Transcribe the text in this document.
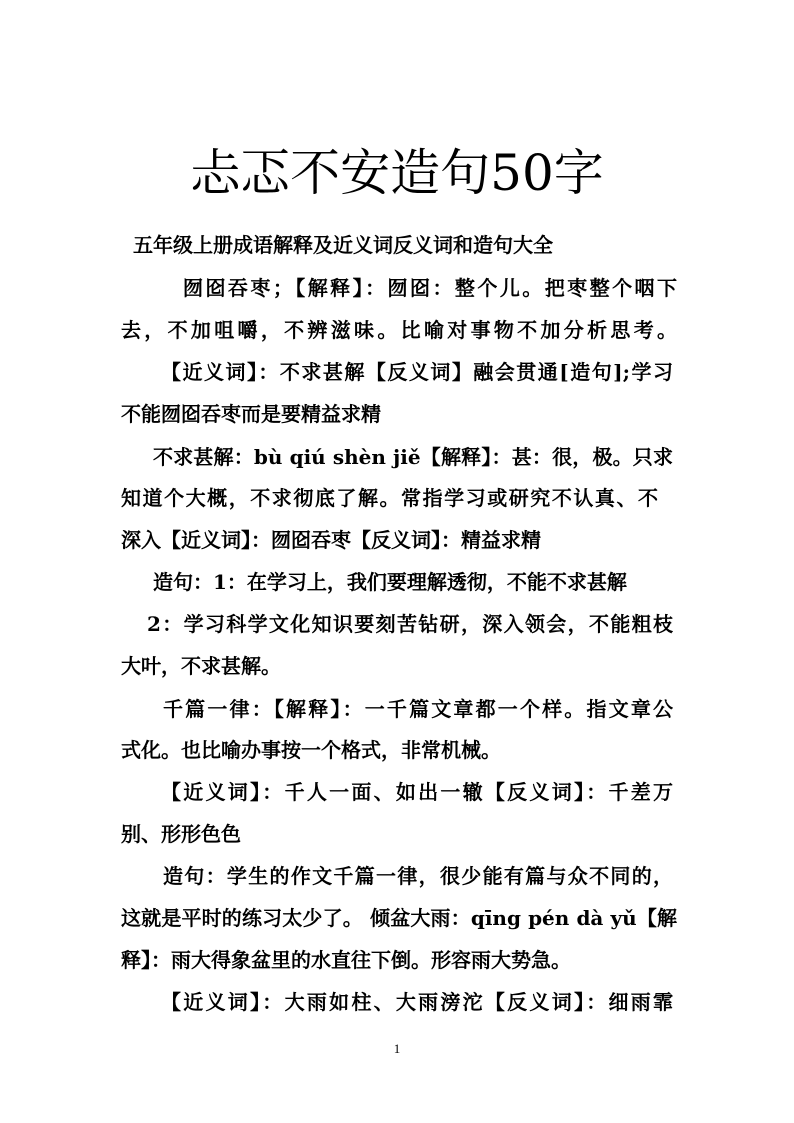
忐忑不安造句50字
五年级上册成语解释及近义词反义词和造句大全
囫囵吞枣；【解释】：囫囵：整个儿。把枣整个咽下
去，不加咀嚼，不辨滋味。比喻对事物不加分析思考。
【近义词】：不求甚解【反义词】融会贯通[造句];学习
不能囫囵吞枣而是要精益求精
不求甚解：bù qiú shèn jiě【解释】：甚：很，极。只求
知道个大概，不求彻底了解。常指学习或研究不认真、不
深入【近义词】：囫囵吞枣【反义词】：精益求精
造句：1：在学习上，我们要理解透彻，不能不求甚解
2：学习科学文化知识要刻苦钻研，深入领会，不能粗枝
大叶，不求甚解。
千篇一律：【解释】：一千篇文章都一个样。指文章公
式化。也比喻办事按一个格式，非常机械。
【近义词】：千人一面、如出一辙【反义词】：千差万
别、形形色色
造句：学生的作文千篇一律，很少能有篇与众不同的，
这就是平时的练习太少了。 倾盆大雨：qīng pén dà yǔ【解
释】：雨大得象盆里的水直往下倒。形容雨大势急。
【近义词】：大雨如柱、大雨滂沱【反义词】：细雨霏
1
